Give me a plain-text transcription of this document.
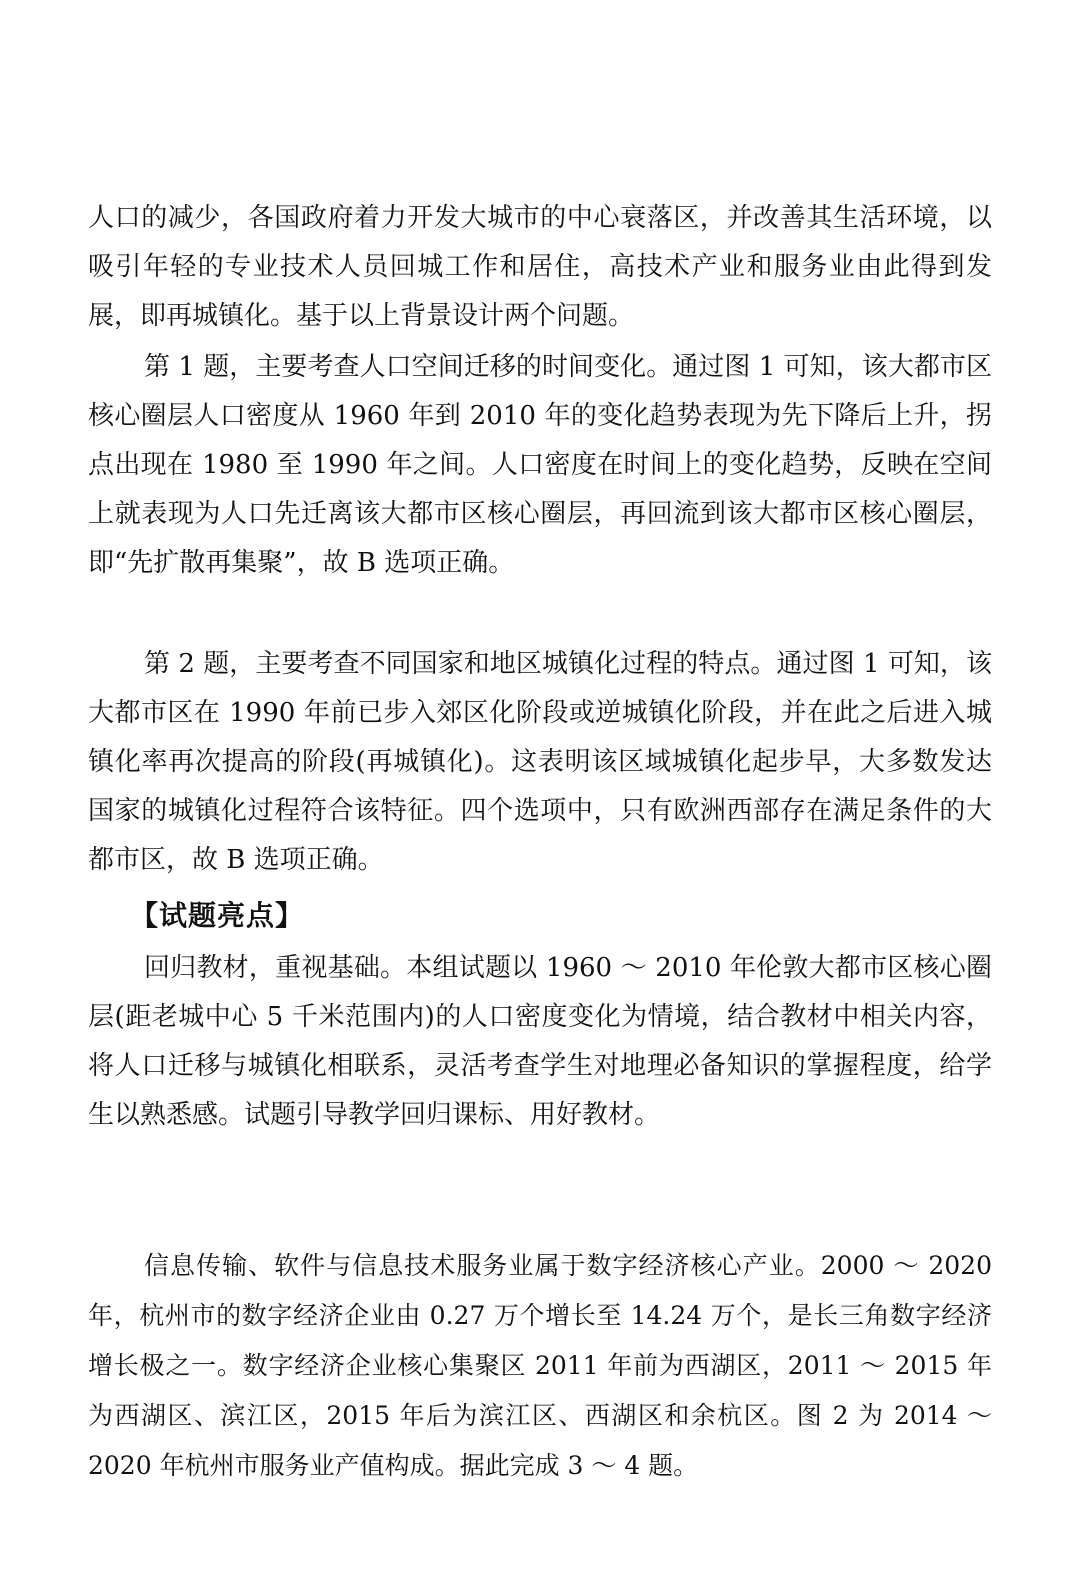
人口的减少，各国政府着力开发大城市的中心衰落区，并改善其生活环境，以吸引年轻的专业技术人员回城工作和居住，高技术产业和服务业由此得到发展，即再城镇化。基于以上背景设计两个问题。

第 1 题，主要考查人口空间迁移的时间变化。通过图 1 可知，该大都市区核心圈层人口密度从 1960 年到 2010 年的变化趋势表现为先下降后上升，拐点出现在 1980 至 1990 年之间。人口密度在时间上的变化趋势，反映在空间上就表现为人口先迁离该大都市区核心圈层，再回流到该大都市区核心圈层，即“先扩散再集聚”，故 B 选项正确。

第 2 题，主要考查不同国家和地区城镇化过程的特点。通过图 1 可知，该大都市区在 1990 年前已步入郊区化阶段或逆城镇化阶段，并在此之后进入城镇化率再次提高的阶段(再城镇化)。这表明该区域城镇化起步早，大多数发达国家的城镇化过程符合该特征。四个选项中，只有欧洲西部存在满足条件的大都市区，故 B 选项正确。

【试题亮点】

回归教材，重视基础。本组试题以 1960 ～ 2010 年伦敦大都市区核心圈层(距老城中心 5 千米范围内)的人口密度变化为情境，结合教材中相关内容，将人口迁移与城镇化相联系，灵活考查学生对地理必备知识的掌握程度，给学生以熟悉感。试题引导教学回归课标、用好教材。

信息传输、软件与信息技术服务业属于数字经济核心产业。2000 ～ 2020 年，杭州市的数字经济企业由 0.27 万个增长至 14.24 万个，是长三角数字经济增长极之一。数字经济企业核心集聚区 2011 年前为西湖区，2011 ～ 2015 年为西湖区、滨江区，2015 年后为滨江区、西湖区和余杭区。图 2 为 2014 ～ 2020 年杭州市服务业产值构成。据此完成 3 ～ 4 题。
